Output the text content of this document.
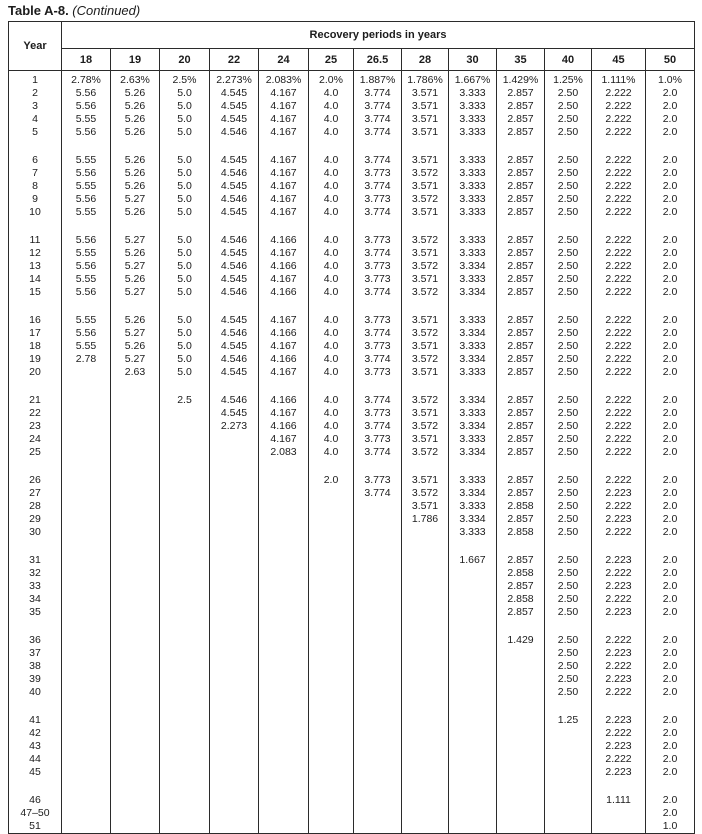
Table A-8. (Continued)
Year	Recovery periods in years												
	18	19	20	22	24	25	26.5	28	30	35	40	45	50
1	2.78%	2.63%	2.5%	2.273%	2.083%	2.0%	1.887%	1.786%	1.667%	1.429%	1.25%	1.111%	1.0%
2	5.56	5.26	5.0	4.545	4.167	4.0	3.774	3.571	3.333	2.857	2.50	2.222	2.0
3	5.56	5.26	5.0	4.545	4.167	4.0	3.774	3.571	3.333	2.857	2.50	2.222	2.0
4	5.55	5.26	5.0	4.545	4.167	4.0	3.774	3.571	3.333	2.857	2.50	2.222	2.0
5	5.56	5.26	5.0	4.546	4.167	4.0	3.774	3.571	3.333	2.857	2.50	2.222	2.0

6	5.55	5.26	5.0	4.545	4.167	4.0	3.774	3.571	3.333	2.857	2.50	2.222	2.0
7	5.56	5.26	5.0	4.546	4.167	4.0	3.773	3.572	3.333	2.857	2.50	2.222	2.0
8	5.55	5.26	5.0	4.545	4.167	4.0	3.774	3.571	3.333	2.857	2.50	2.222	2.0
9	5.56	5.27	5.0	4.546	4.167	4.0	3.773	3.572	3.333	2.857	2.50	2.222	2.0
10	5.55	5.26	5.0	4.545	4.167	4.0	3.774	3.571	3.333	2.857	2.50	2.222	2.0

11	5.56	5.27	5.0	4.546	4.166	4.0	3.773	3.572	3.333	2.857	2.50	2.222	2.0
12	5.55	5.26	5.0	4.545	4.167	4.0	3.774	3.571	3.333	2.857	2.50	2.222	2.0
13	5.56	5.27	5.0	4.546	4.166	4.0	3.773	3.572	3.334	2.857	2.50	2.222	2.0
14	5.55	5.26	5.0	4.545	4.167	4.0	3.773	3.571	3.333	2.857	2.50	2.222	2.0
15	5.56	5.27	5.0	4.546	4.166	4.0	3.774	3.572	3.334	2.857	2.50	2.222	2.0

16	5.55	5.26	5.0	4.545	4.167	4.0	3.773	3.571	3.333	2.857	2.50	2.222	2.0
17	5.56	5.27	5.0	4.546	4.166	4.0	3.774	3.572	3.334	2.857	2.50	2.222	2.0
18	5.55	5.26	5.0	4.545	4.167	4.0	3.773	3.571	3.333	2.857	2.50	2.222	2.0
19	2.78	5.27	5.0	4.546	4.166	4.0	3.774	3.572	3.334	2.857	2.50	2.222	2.0
20		2.63	5.0	4.545	4.167	4.0	3.773	3.571	3.333	2.857	2.50	2.222	2.0

21			2.5	4.546	4.166	4.0	3.774	3.572	3.334	2.857	2.50	2.222	2.0
22				4.545	4.167	4.0	3.773	3.571	3.333	2.857	2.50	2.222	2.0
23				2.273	4.166	4.0	3.774	3.572	3.334	2.857	2.50	2.222	2.0
24					4.167	4.0	3.773	3.571	3.333	2.857	2.50	2.222	2.0
25					2.083	4.0	3.774	3.572	3.334	2.857	2.50	2.222	2.0

26						2.0	3.773	3.571	3.333	2.857	2.50	2.222	2.0
27							3.774	3.572	3.334	2.857	2.50	2.223	2.0
28								3.571	3.333	2.858	2.50	2.222	2.0
29								1.786	3.334	2.857	2.50	2.223	2.0
30									3.333	2.858	2.50	2.222	2.0

31									1.667	2.857	2.50	2.223	2.0
32										2.858	2.50	2.222	2.0
33										2.857	2.50	2.223	2.0
34										2.858	2.50	2.222	2.0
35										2.857	2.50	2.223	2.0

36										1.429	2.50	2.222	2.0
37											2.50	2.223	2.0
38											2.50	2.222	2.0
39											2.50	2.223	2.0
40											2.50	2.222	2.0

41											1.25	2.223	2.0
42												2.222	2.0
43												2.223	2.0
44												2.222	2.0
45												2.223	2.0

46												1.111	2.0
47–50													2.0
51													1.0
